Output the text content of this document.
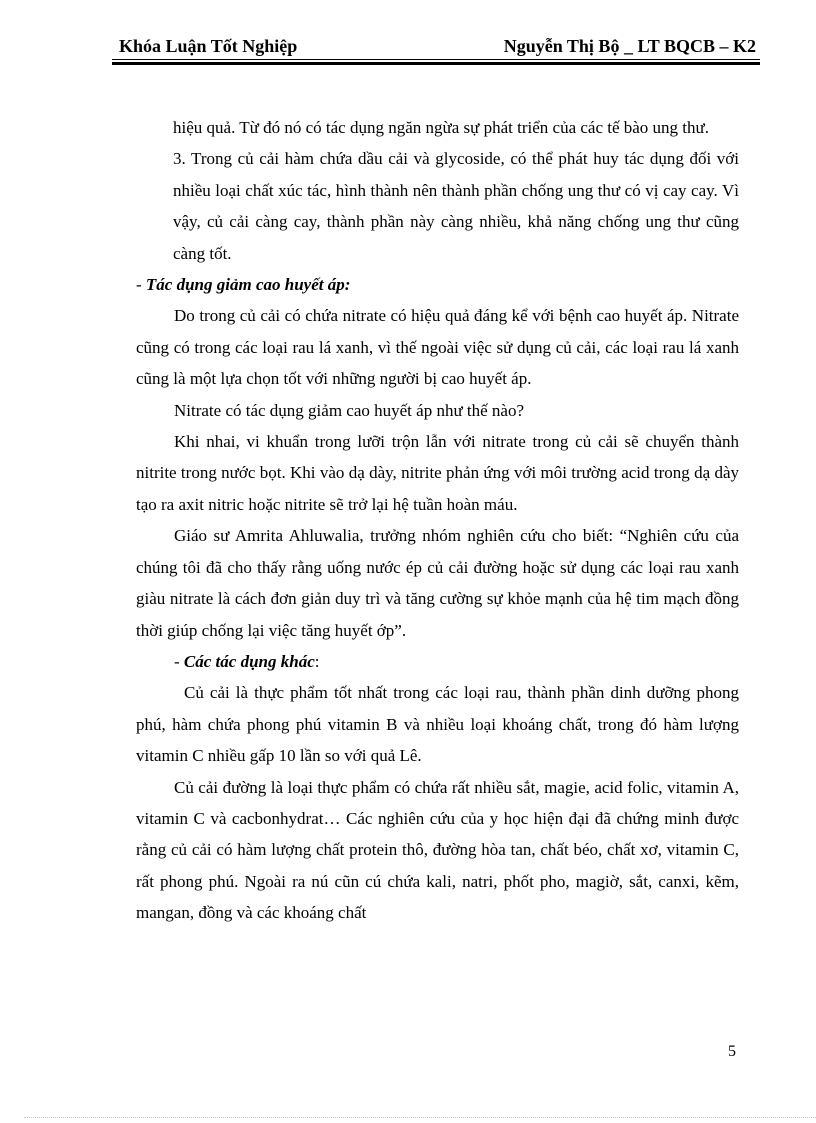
Khóa Luận Tốt Nghiệp	Nguyễn Thị Bộ _ LT BQCB – K2

hiệu quả. Từ đó nó có tác dụng ngăn ngừa sự phát triển của các tế bào ung thư.

3. Trong củ cải hàm chứa dầu cải và glycoside, có thể phát huy tác dụng đối với nhiều loại chất xúc tác, hình thành nên thành phần chống ung thư có vị cay cay. Vì vậy, củ cải càng cay, thành phần này càng nhiều, khả năng chống ung thư cũng càng tốt.

- Tác dụng giảm cao huyết áp:

Do trong củ cải có chứa nitrate có hiệu quả đáng kể với bệnh cao huyết áp. Nitrate cũng có trong các loại rau lá xanh, vì thế ngoài việc sử dụng củ cải, các loại rau lá xanh cũng là một lựa chọn tốt với những người bị cao huyết áp.

Nitrate có tác dụng giảm cao huyết áp như thế nào?

Khi nhai, vi khuẩn trong lưỡi trộn lẫn với nitrate trong củ cải sẽ chuyển thành nitrite trong nước bọt. Khi vào dạ dày, nitrite phản ứng với môi trường acid trong dạ dày tạo ra axit nitric hoặc nitrite sẽ trở lại hệ tuần hoàn máu.

Giáo sư Amrita Ahluwalia, trưởng nhóm nghiên cứu cho biết: “Nghiên cứu của chúng tôi đã cho thấy rằng uống nước ép củ cải đường hoặc sử dụng các loại rau xanh giàu nitrate là cách đơn giản duy trì và tăng cường sự khỏe mạnh của hệ tim mạch đồng thời giúp chống lại việc tăng huyết ớp”.

- Các tác dụng khác:

Củ cải là thực phẩm tốt nhất trong các loại rau, thành phần dinh dưỡng phong phú, hàm chứa phong phú vitamin B và nhiều loại khoáng chất, trong đó hàm lượng vitamin C nhiều gấp 10 lần so với quả Lê.

Củ cải đường là loại thực phẩm có chứa rất nhiều sắt, magie, acid folic, vitamin A, vitamin C và cacbonhydrat… Các nghiên cứu của y học hiện đại đã chứng minh được rằng củ cải có hàm lượng chất protein thô, đường hòa tan, chất béo, chất xơ, vitamin C, rất phong phú. Ngoài ra nú cũn cú chứa kali, natri, phốt pho, magiờ, sắt, canxi, kẽm, mangan, đồng và các khoáng chất

5
